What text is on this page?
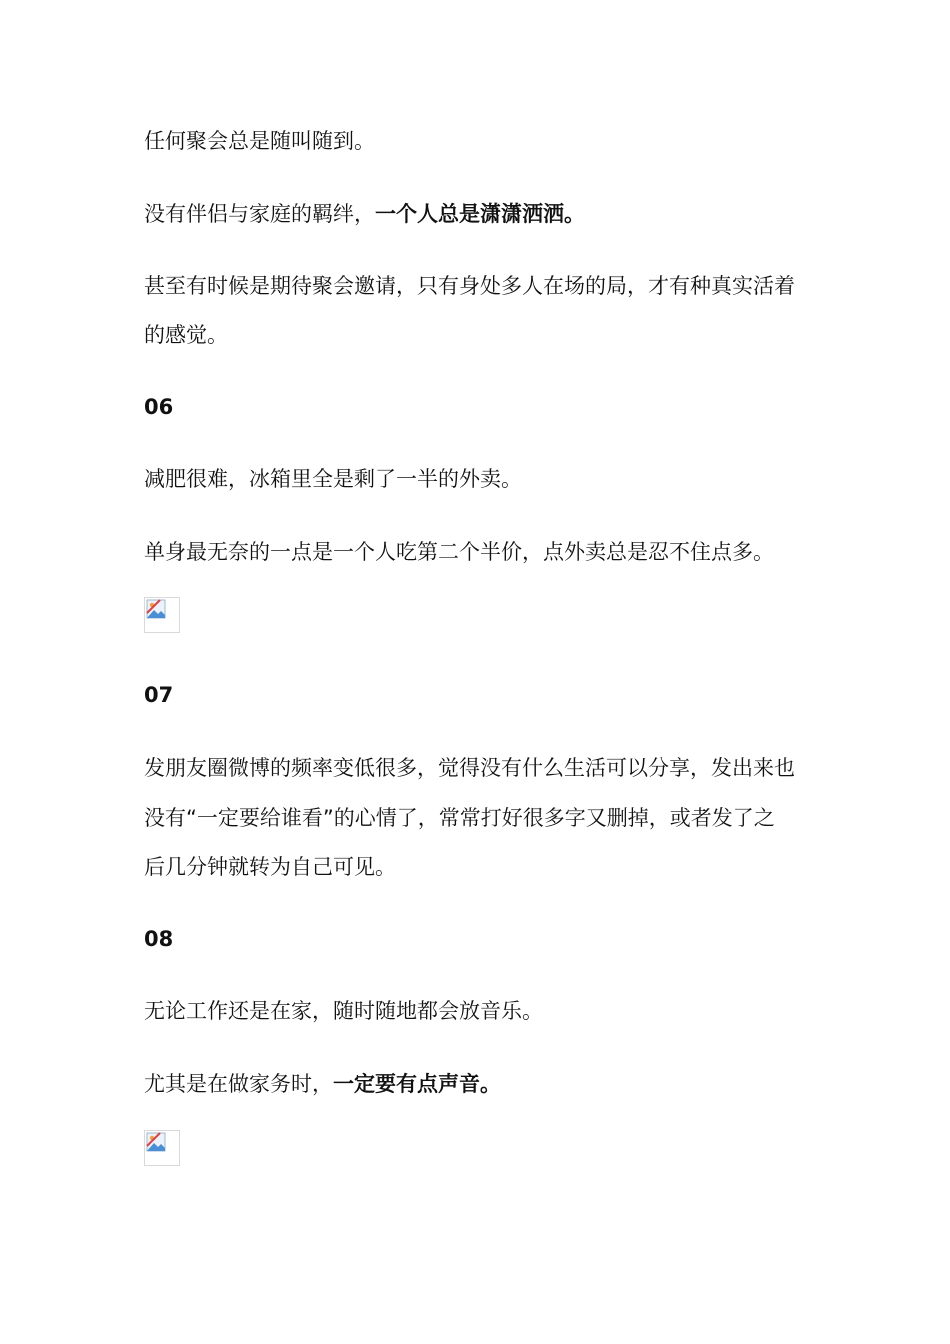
任何聚会总是随叫随到。
没有伴侣与家庭的羁绊，一个人总是潇潇洒洒。
甚至有时候是期待聚会邀请，只有身处多人在场的局，才有种真实活着
的感觉。
06
减肥很难，冰箱里全是剩了一半的外卖。
单身最无奈的一点是一个人吃第二个半价，点外卖总是忍不住点多。
07
发朋友圈微博的频率变低很多，觉得没有什么生活可以分享，发出来也
没有“一定要给谁看”的心情了，常常打好很多字又删掉，或者发了之
后几分钟就转为自己可见。
08
无论工作还是在家，随时随地都会放音乐。
尤其是在做家务时，一定要有点声音。
